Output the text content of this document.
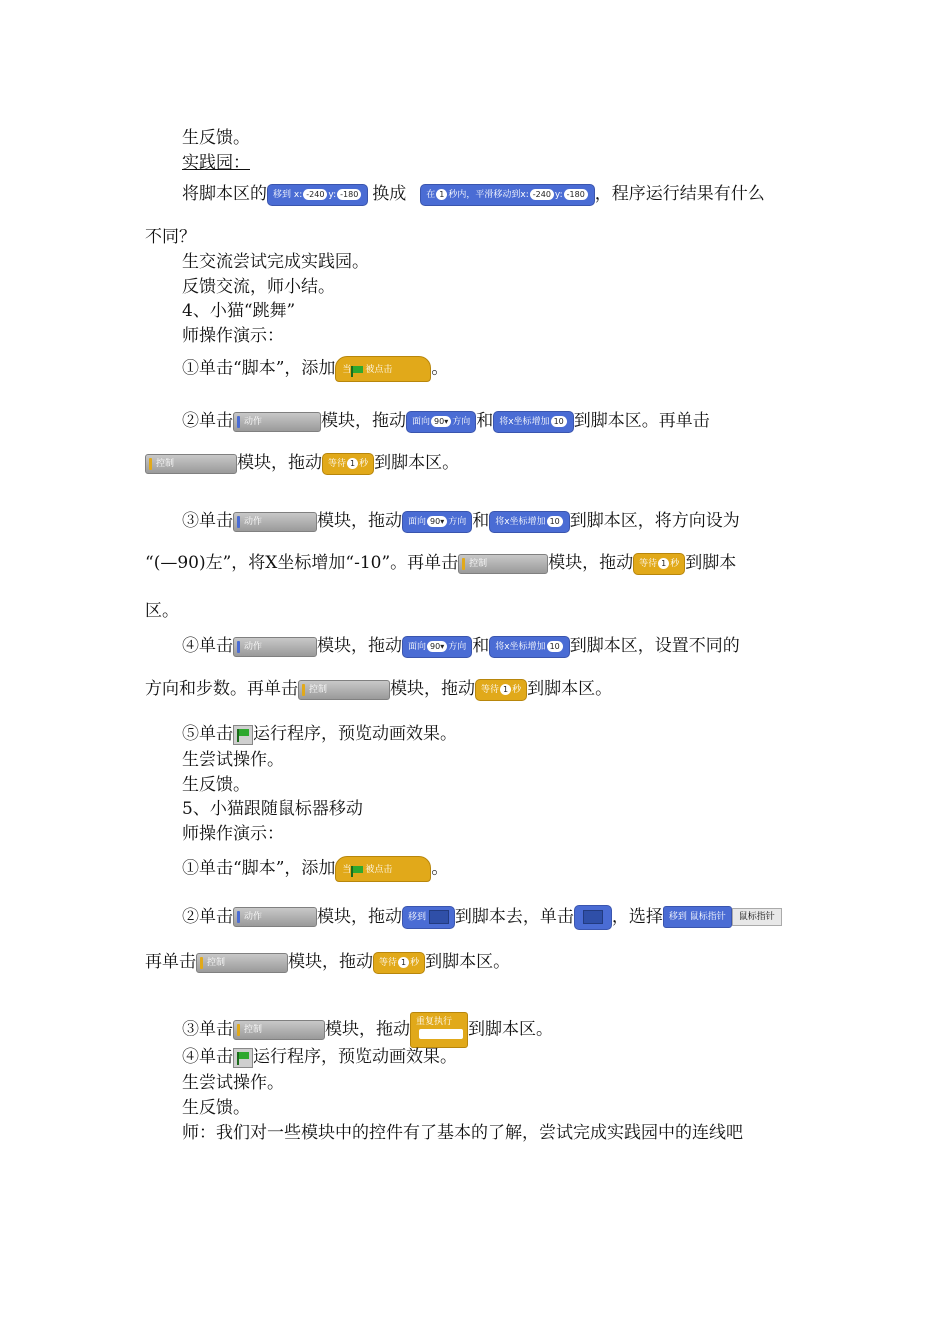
生反馈。
实践园：
将脚本区的 移到 x: -240 y: -180 换成 在 1 秒内，平滑移动到x: -240 y: -180 ，程序运行结果有什么
不同？
生交流尝试完成实践园。
反馈交流，师小结。
4、小猫“跳舞”
师操作演示：
①单击“脚本”，添加 当 被点击 。
②单击 动作	模块，拖动 面向 90▾ 方向 和 将x坐标增加 10 到脚本区。再单击
控制	模块，拖动 等待 1 秒 到脚本区。
③单击 动作	模块，拖动 面向 90▾ 方向 和 将x坐标增加 10 到脚本区，将方向设为
“(—90)左”，将X坐标增加“-10”。再单击 控制	模块，拖动 等待 1 秒 到脚本
区。
④单击 动作	模块，拖动 面向 90▾ 方向 和 将x坐标增加 10 到脚本区，设置不同的
方向和步数。再单击 控制	模块，拖动 等待 1 秒 到脚本区。
⑤单击 运行程序，预览动画效果。
生尝试操作。
生反馈。
5、小猫跟随鼠标器移动
师操作演示：
①单击“脚本”，添加 当 被点击 。
②单击 动作	模块，拖动 移到 到脚本去，单击 ，选择 移到 鼠标指针 鼠标指针
再单击 控制	模块，拖动 等待 1 秒 到脚本区。
③单击 控制	模块，拖动 重复执行 到脚本区。
④单击 运行程序，预览动画效果。
生尝试操作。
生反馈。
师：我们对一些模块中的控件有了基本的了解，尝试完成实践园中的连线吧
